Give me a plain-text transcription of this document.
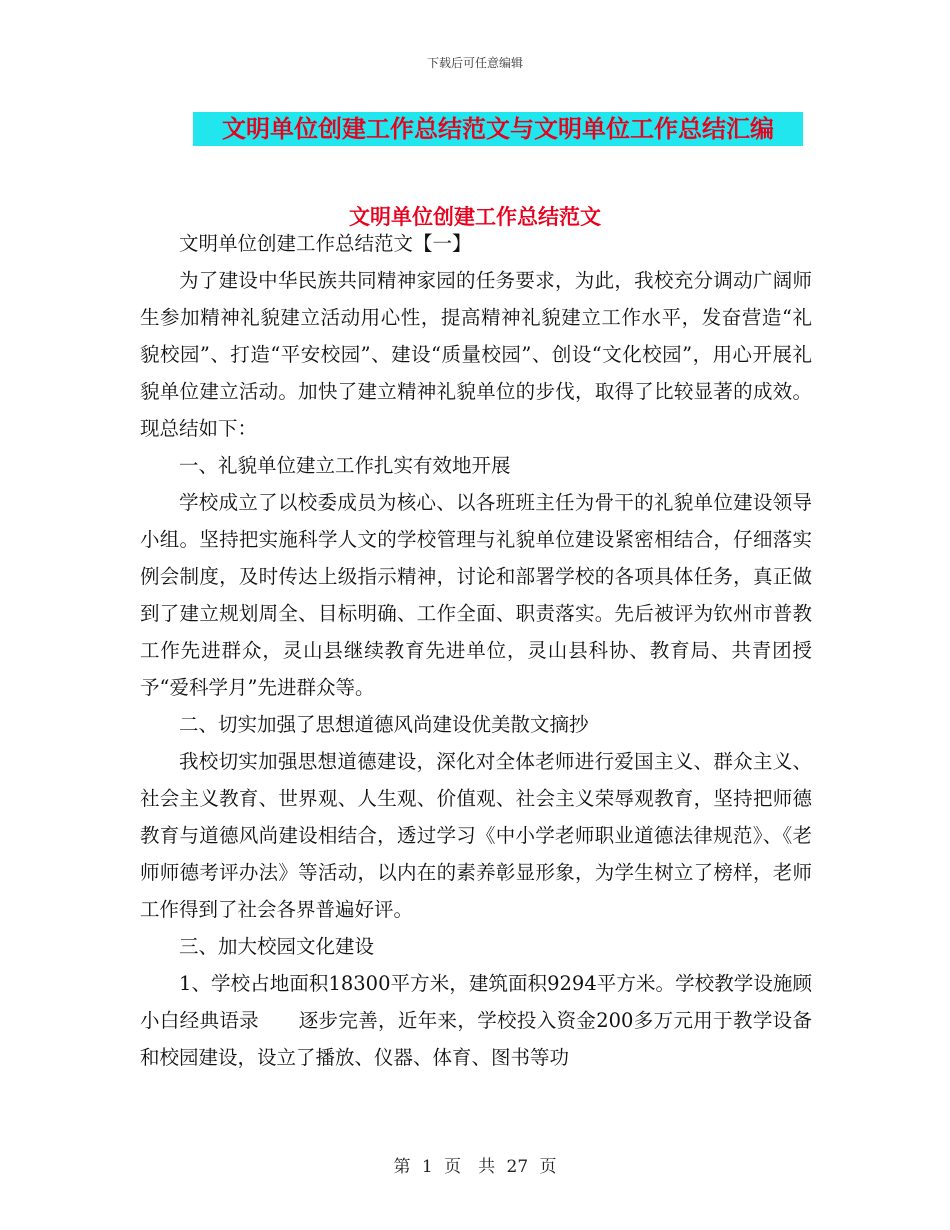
下载后可任意编辑
文明单位创建工作总结范文与文明单位工作总结汇编
文明单位创建工作总结范文

文明单位创建工作总结范文【一】

为了建设中华民族共同精神家园的任务要求，为此，我校充分调动广阔师生参加精神礼貌建立活动用心性，提高精神礼貌建立工作水平，发奋营造“礼貌校园”、打造“平安校园”、建设“质量校园”、创设“文化校园”，用心开展礼貌单位建立活动。加快了建立精神礼貌单位的步伐，取得了比较显著的成效。现总结如下：

一、礼貌单位建立工作扎实有效地开展

学校成立了以校委成员为核心、以各班班主任为骨干的礼貌单位建设领导小组。坚持把实施科学人文的学校管理与礼貌单位建设紧密相结合，仔细落实例会制度，及时传达上级指示精神，讨论和部署学校的各项具体任务，真正做到了建立规划周全、目标明确、工作全面、职责落实。先后被评为钦州市普教工作先进群众，灵山县继续教育先进单位，灵山县科协、教育局、共青团授予“爱科学月”先进群众等。

二、切实加强了思想道德风尚建设优美散文摘抄

我校切实加强思想道德建设，深化对全体老师进行爱国主义、群众主义、社会主义教育、世界观、人生观、价值观、社会主义荣辱观教育，坚持把师德教育与道德风尚建设相结合，透过学习《中小学老师职业道德法律规范》、《老师师德考评办法》等活动，以内在的素养彰显形象，为学生树立了榜样，老师工作得到了社会各界普遍好评。

三、加大校园文化建设

1、学校占地面积18300平方米，建筑面积9294平方米。学校教学设施顾小白经典语录　　逐步完善，近年来，学校投入资金200多万元用于教学设备和校园建设，设立了播放、仪器、体育、图书等功

第 1 页　共 27 页
